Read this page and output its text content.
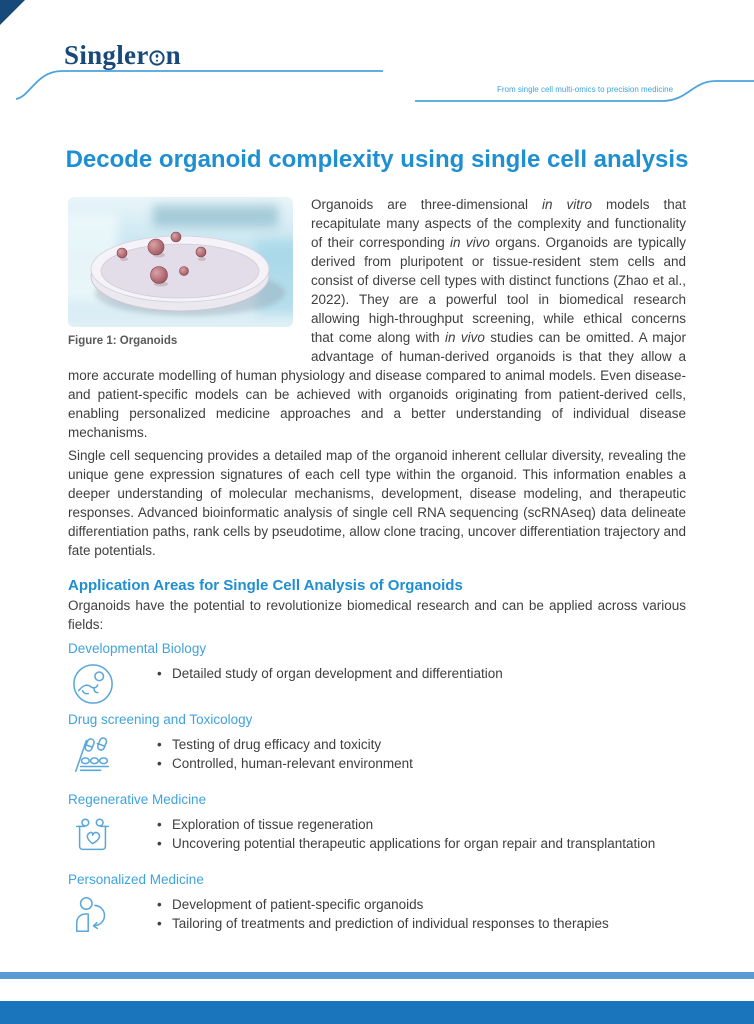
Singler n
From single cell multi-omics to precision medicine
Decode organoid complexity using single cell analysis

Figure 1: Organoids
Organoids are three-dimensional in vitro models that recapitulate many aspects of the complexity and functionality of their corresponding in vivo organs. Organoids are typically derived from pluripotent or tissue-resident stem cells and consist of diverse cell types with distinct functions (Zhao et al., 2022). They are a powerful tool in biomedical research allowing high-throughput screening, while ethical concerns that come along with in vivo studies can be omitted. A major advantage of human-derived organoids is that they allow a more accurate modelling of human physiology and disease compared to animal models. Even disease- and patient-specific models can be achieved with organoids originating from patient-derived cells, enabling personalized medicine approaches and a better understanding of individual disease mechanisms.

Single cell sequencing provides a detailed map of the organoid inherent cellular diversity, revealing the unique gene expression signatures of each cell type within the organoid. This information enables a deeper understanding of molecular mechanisms, development, disease modeling, and therapeutic responses. Advanced bioinformatic analysis of single cell RNA sequencing (scRNAseq) data delineate differentiation paths, rank cells by pseudotime, allow clone tracing, uncover differentiation trajectory and fate potentials.

Application Areas for Single Cell Analysis of Organoids

Organoids have the potential to revolutionize biomedical research and can be applied across various fields:

Developmental Biology
• Detailed study of organ development and differentiation
Drug screening and Toxicology
• Testing of drug efficacy and toxicity
• Controlled, human-relevant environment
Regenerative Medicine
• Exploration of tissue regeneration
• Uncovering potential therapeutic applications for organ repair and transplantation
Personalized Medicine
• Development of patient-specific organoids
• Tailoring of treatments and prediction of individual responses to therapies
